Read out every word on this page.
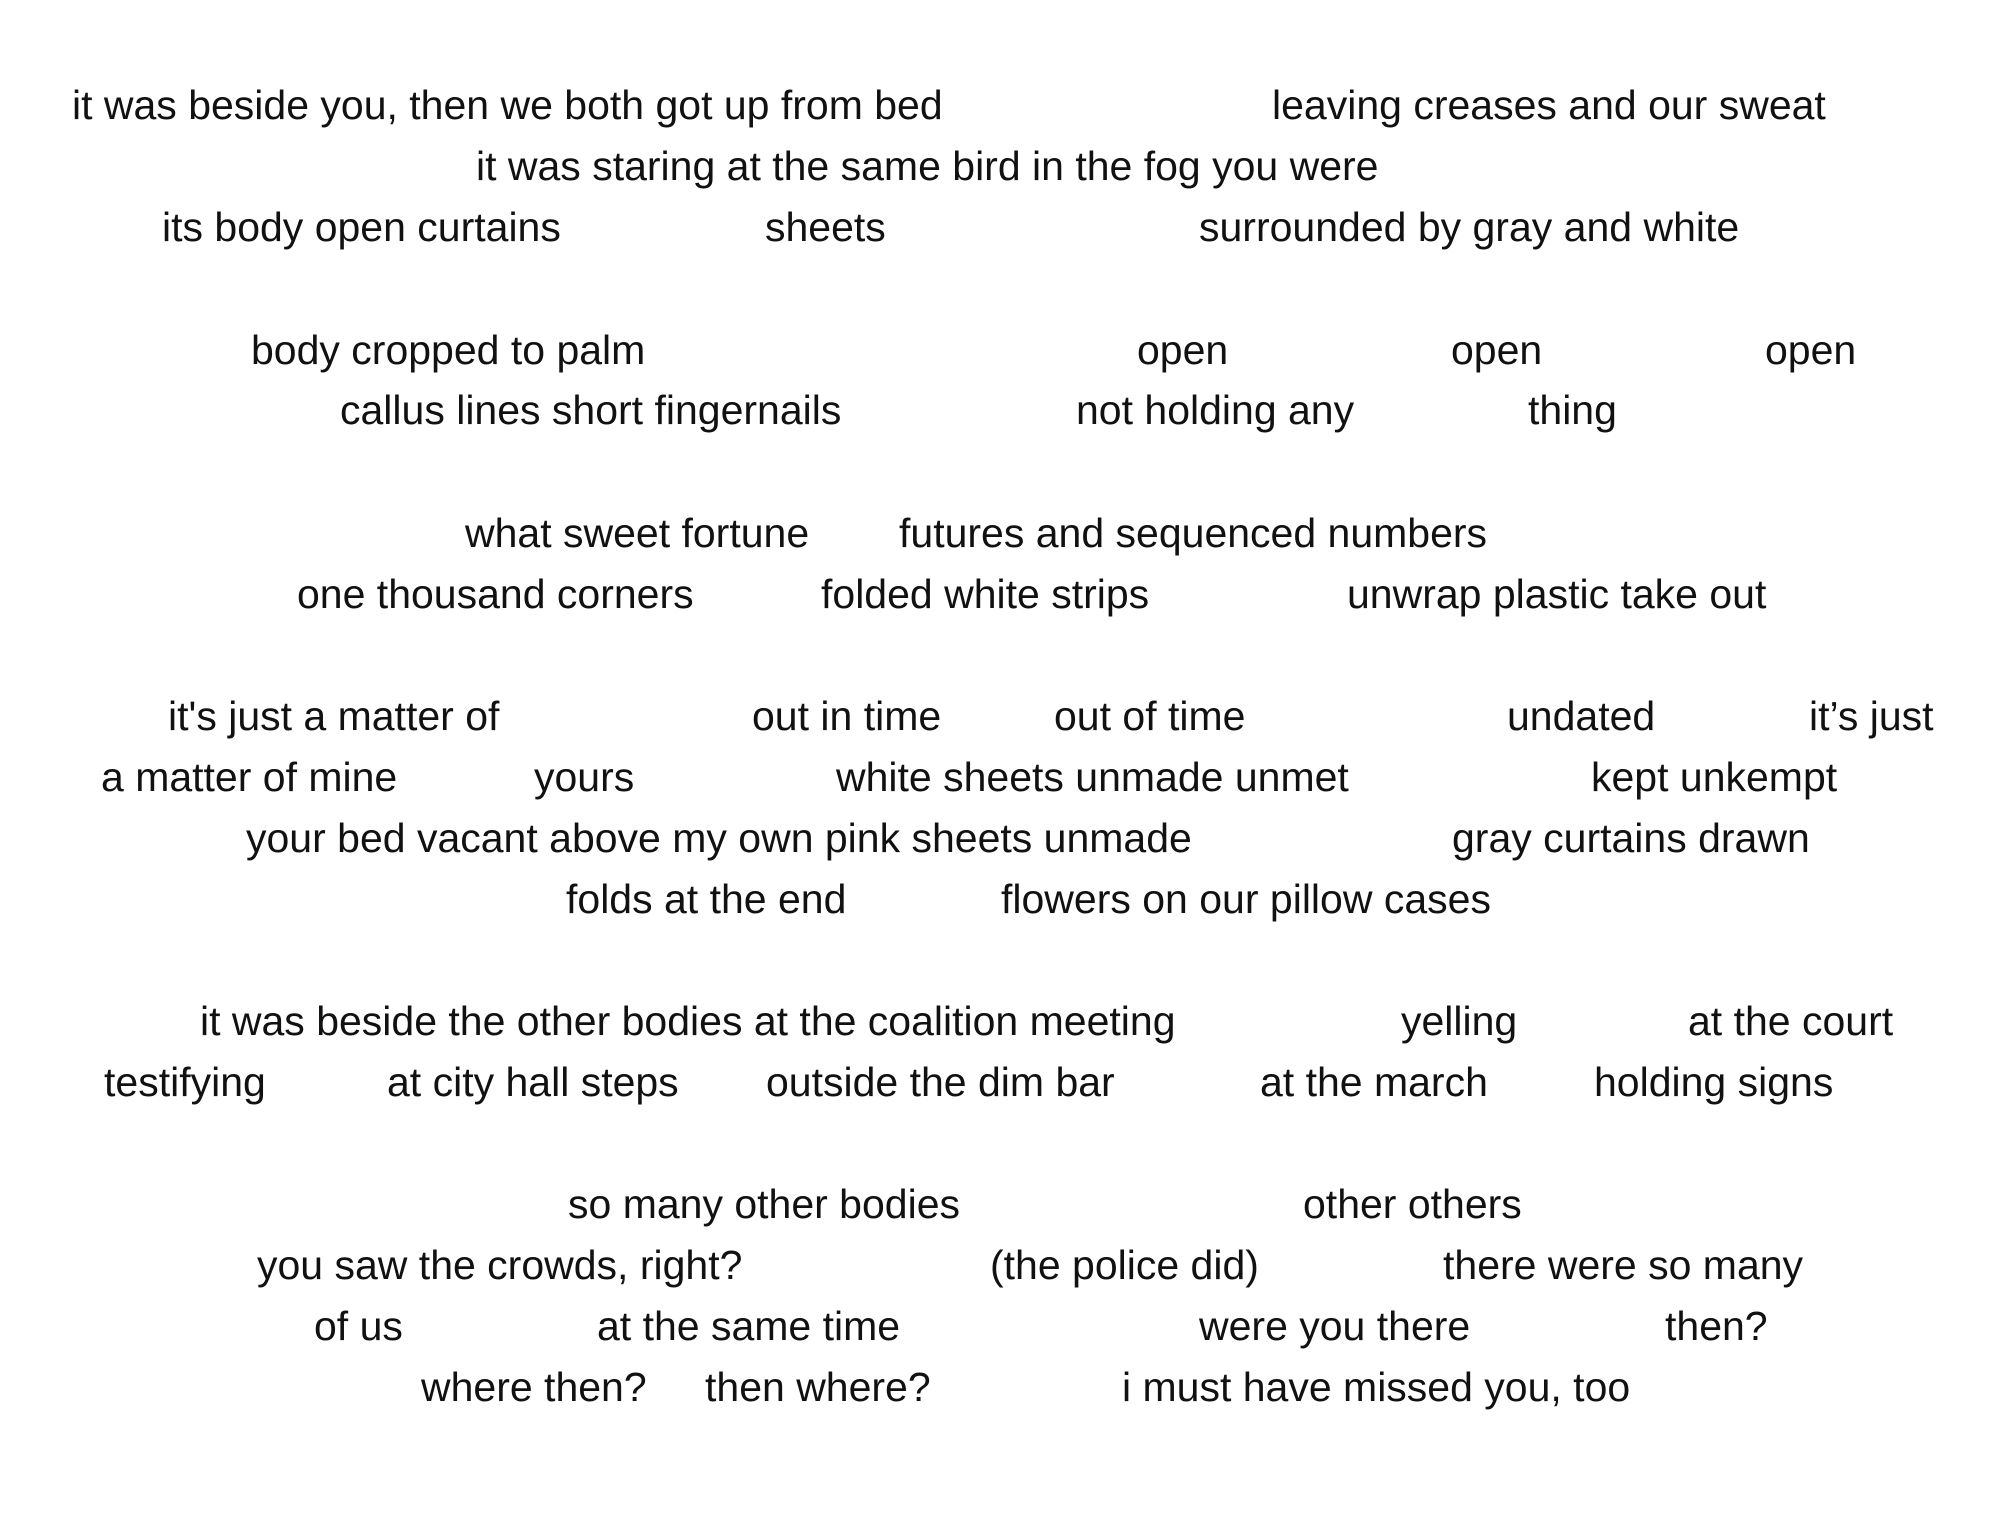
it was beside you, then we both got up from bed	leaving creases and our sweat
it was staring at the same bird in the fog you were
its body open curtains	sheets	surrounded by gray and white
body cropped to palm	open	open	open
callus lines short fingernails	not holding any	thing
what sweet fortune futures and sequenced numbers
one thousand corners	folded white strips	unwrap plastic take out
it's just a matter of	out in time	out of time	undated	it’s just
a matter of mine	yours	white sheets unmade unmet	kept unkempt
your bed vacant above my own pink sheets unmade	gray curtains drawn
folds at the end	flowers on our pillow cases
it was beside the other bodies at the coalition meeting	yelling	at the court
testifying	at city hall steps outside the dim bar	at the march	holding signs
so many other bodies	other others
you saw the crowds, right?	(the police did)	there were so many
of us	at the same time	were you there	then?
where then? then where?	i must have missed you, too
